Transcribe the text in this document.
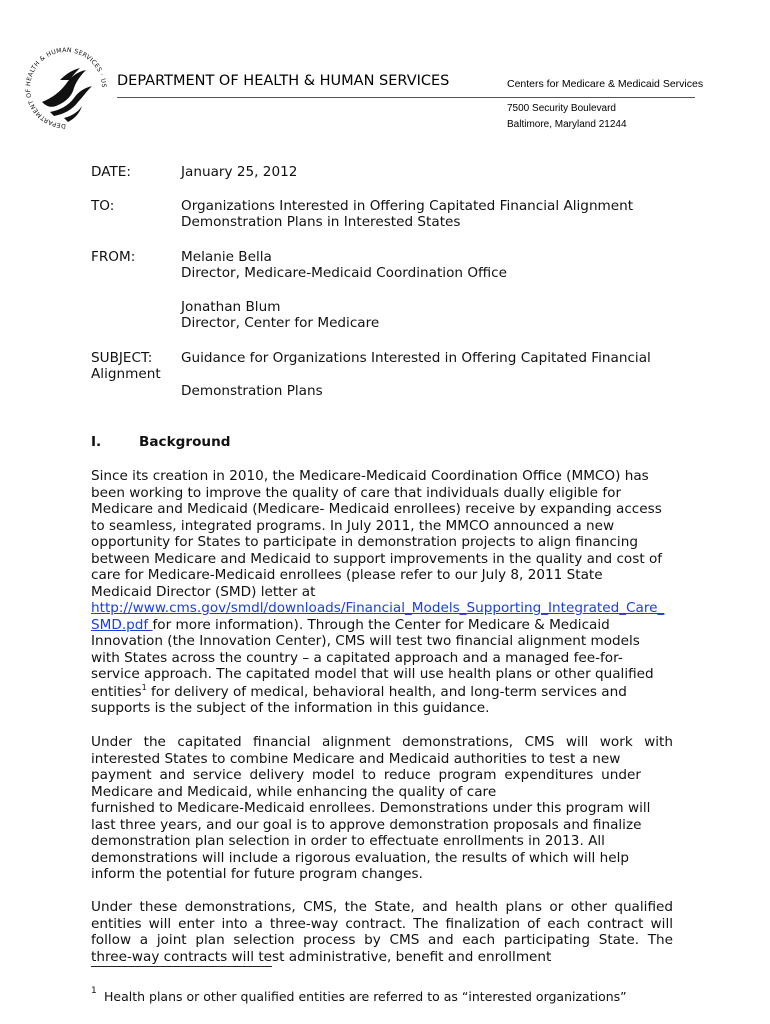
DEPARTMENT OF HEALTH & HUMAN SERVICES · US DEPARTMENT OF HEALTH & HUMAN SERVICES	Centers for Medicare & Medicaid Services
7500 Security Boulevard
Baltimore, Maryland 21244
DATE:	January 25, 2012
TO:	Organizations Interested in Offering Capitated Financial Alignment
Demonstration Plans in Interested States
FROM:	Melanie Bella
Director, Medicare-Medicaid Coordination Office
Jonathan Blum
Director, Center for Medicare
SUBJECT: Guidance for Organizations Interested in Offering Capitated Financial
Alignment
Demonstration Plans
I.	Background
Since its creation in 2010, the Medicare-Medicaid Coordination Office (MMCO) has
been working to improve the quality of care that individuals dually eligible for
Medicare and Medicaid (Medicare- Medicaid enrollees) receive by expanding access
to seamless, integrated programs. In July 2011, the MMCO announced a new
opportunity for States to participate in demonstration projects to align financing
between Medicare and Medicaid to support improvements in the quality and cost of
care for Medicare-Medicaid enrollees (please refer to our July 8, 2011 State
Medicaid Director (SMD) letter at
http://www.cms.gov/smdl/downloads/Financial_Models_Supporting_Integrated_Care_
SMD.pdf for more information). Through the Center for Medicare & Medicaid
Innovation (the Innovation Center), CMS will test two financial alignment models
with States across the country – a capitated approach and a managed fee-for-
service approach. The capitated model that will use health plans or other qualified
entities$^1$ for delivery of medical, behavioral health, and long-term services and
supports is the subject of the information in this guidance.
Under the capitated financial alignment demonstrations, CMS will work with
interested States to combine Medicare and Medicaid authorities to test a new
payment and service delivery model to reduce program expenditures under
Medicare and Medicaid, while enhancing the quality of care
furnished to Medicare-Medicaid enrollees. Demonstrations under this program will
last three years, and our goal is to approve demonstration proposals and finalize
demonstration plan selection in order to effectuate enrollments in 2013. All
demonstrations will include a rigorous evaluation, the results of which will help
inform the potential for future program changes.
Under these demonstrations, CMS, the State, and health plans or other qualified
entities will enter into a three-way contract. The finalization of each contract will
follow a joint plan selection process by CMS and each participating State. The
three-way contracts will test administrative, benefit and enrollment
1 Health plans or other qualified entities are referred to as “interested organizations”
